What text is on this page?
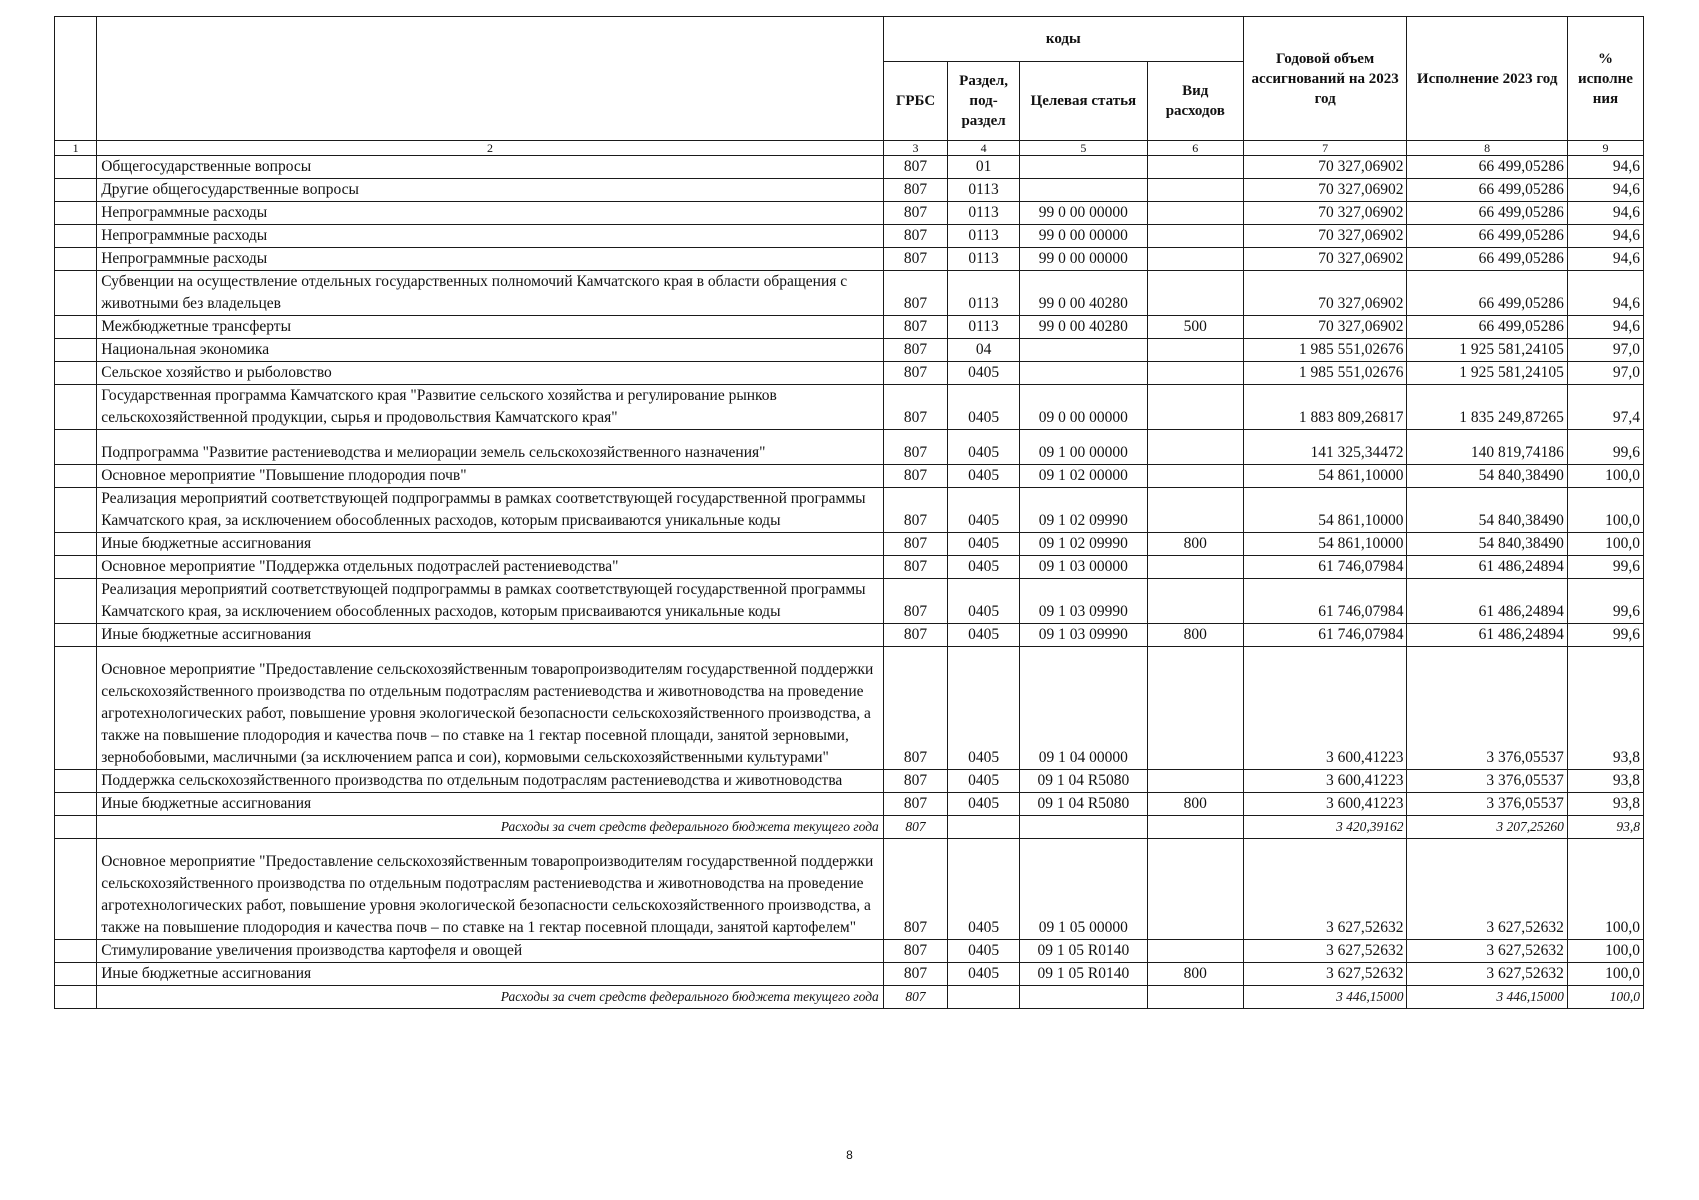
		коды				Годовой объем ассигнований на 2023 год	Исполнение 2023 год	% исполне ния
		ГРБС	Раздел, под-раздел	Целевая статья	Вид расходов			
1	2	3	4	5	6	7	8	9
	Общегосударственные вопросы	807	01			70 327,06902	66 499,05286	94,6
	Другие общегосударственные вопросы	807	0113			70 327,06902	66 499,05286	94,6
	Непрограммные расходы	807	0113	99 0 00 00000		70 327,06902	66 499,05286	94,6
	Непрограммные расходы	807	0113	99 0 00 00000		70 327,06902	66 499,05286	94,6
	Непрограммные расходы	807	0113	99 0 00 00000		70 327,06902	66 499,05286	94,6
	Субвенции на осуществление отдельных государственных полномочий Камчатского края в области обращения с животными без владельцев	807	0113	99 0 00 40280		70 327,06902	66 499,05286	94,6
	Межбюджетные трансферты	807	0113	99 0 00 40280	500	70 327,06902	66 499,05286	94,6
	Национальная экономика	807	04			1 985 551,02676	1 925 581,24105	97,0
	Сельское хозяйство и рыболовство	807	0405			1 985 551,02676	1 925 581,24105	97,0
	Государственная программа Камчатского края "Развитие сельского хозяйства и регулирование рынков сельскохозяйственной продукции, сырья и продовольствия Камчатского края"	807	0405	09 0 00 00000		1 883 809,26817	1 835 249,87265	97,4
	Подпрограмма "Развитие растениеводства и мелиорации земель сельскохозяйственного назначения"	807	0405	09 1 00 00000		141 325,34472	140 819,74186	99,6
	Основное мероприятие "Повышение плодородия почв"	807	0405	09 1 02 00000		54 861,10000	54 840,38490	100,0
	Реализация мероприятий соответствующей подпрограммы в рамках соответствующей государственной программы Камчатского края, за исключением обособленных расходов, которым присваиваются уникальные коды	807	0405	09 1 02 09990		54 861,10000	54 840,38490	100,0
	Иные бюджетные ассигнования	807	0405	09 1 02 09990	800	54 861,10000	54 840,38490	100,0
	Основное мероприятие "Поддержка отдельных подотраслей растениеводства"	807	0405	09 1 03 00000		61 746,07984	61 486,24894	99,6
	Реализация мероприятий соответствующей подпрограммы в рамках соответствующей государственной программы Камчатского края, за исключением обособленных расходов, которым присваиваются уникальные коды	807	0405	09 1 03 09990		61 746,07984	61 486,24894	99,6
	Иные бюджетные ассигнования	807	0405	09 1 03 09990	800	61 746,07984	61 486,24894	99,6
	Основное мероприятие "Предоставление сельскохозяйственным товаропроизводителям государственной поддержки сельскохозяйственного производства по отдельным подотраслям растениеводства и животноводства на проведение агротехнологических работ, повышение уровня экологической безопасности сельскохозяйственного производства, а также на повышение плодородия и качества почв – по ставке на 1 гектар посевной площади, занятой зерновыми, зернобобовыми, масличными (за исключением рапса и сои), кормовыми сельскохозяйственными культурами"	807	0405	09 1 04 00000		3 600,41223	3 376,05537	93,8
	Поддержка сельскохозяйственного производства по отдельным подотраслям растениеводства и животноводства	807	0405	09 1 04 R5080		3 600,41223	3 376,05537	93,8
	Иные бюджетные ассигнования	807	0405	09 1 04 R5080	800	3 600,41223	3 376,05537	93,8
	Расходы за счет средств федерального бюджета текущего года	807				3 420,39162	3 207,25260	93,8
	Основное мероприятие "Предоставление сельскохозяйственным товаропроизводителям государственной поддержки сельскохозяйственного производства по отдельным подотраслям растениеводства и животноводства на проведение агротехнологических работ, повышение уровня экологической безопасности сельскохозяйственного производства, а также на повышение плодородия и качества почв – по ставке на 1 гектар посевной площади, занятой картофелем"	807	0405	09 1 05 00000		3 627,52632	3 627,52632	100,0
	Стимулирование увеличения производства картофеля и овощей	807	0405	09 1 05 R0140		3 627,52632	3 627,52632	100,0
	Иные бюджетные ассигнования	807	0405	09 1 05 R0140	800	3 627,52632	3 627,52632	100,0
	Расходы за счет средств федерального бюджета текущего года	807				3 446,15000	3 446,15000	100,0
8
